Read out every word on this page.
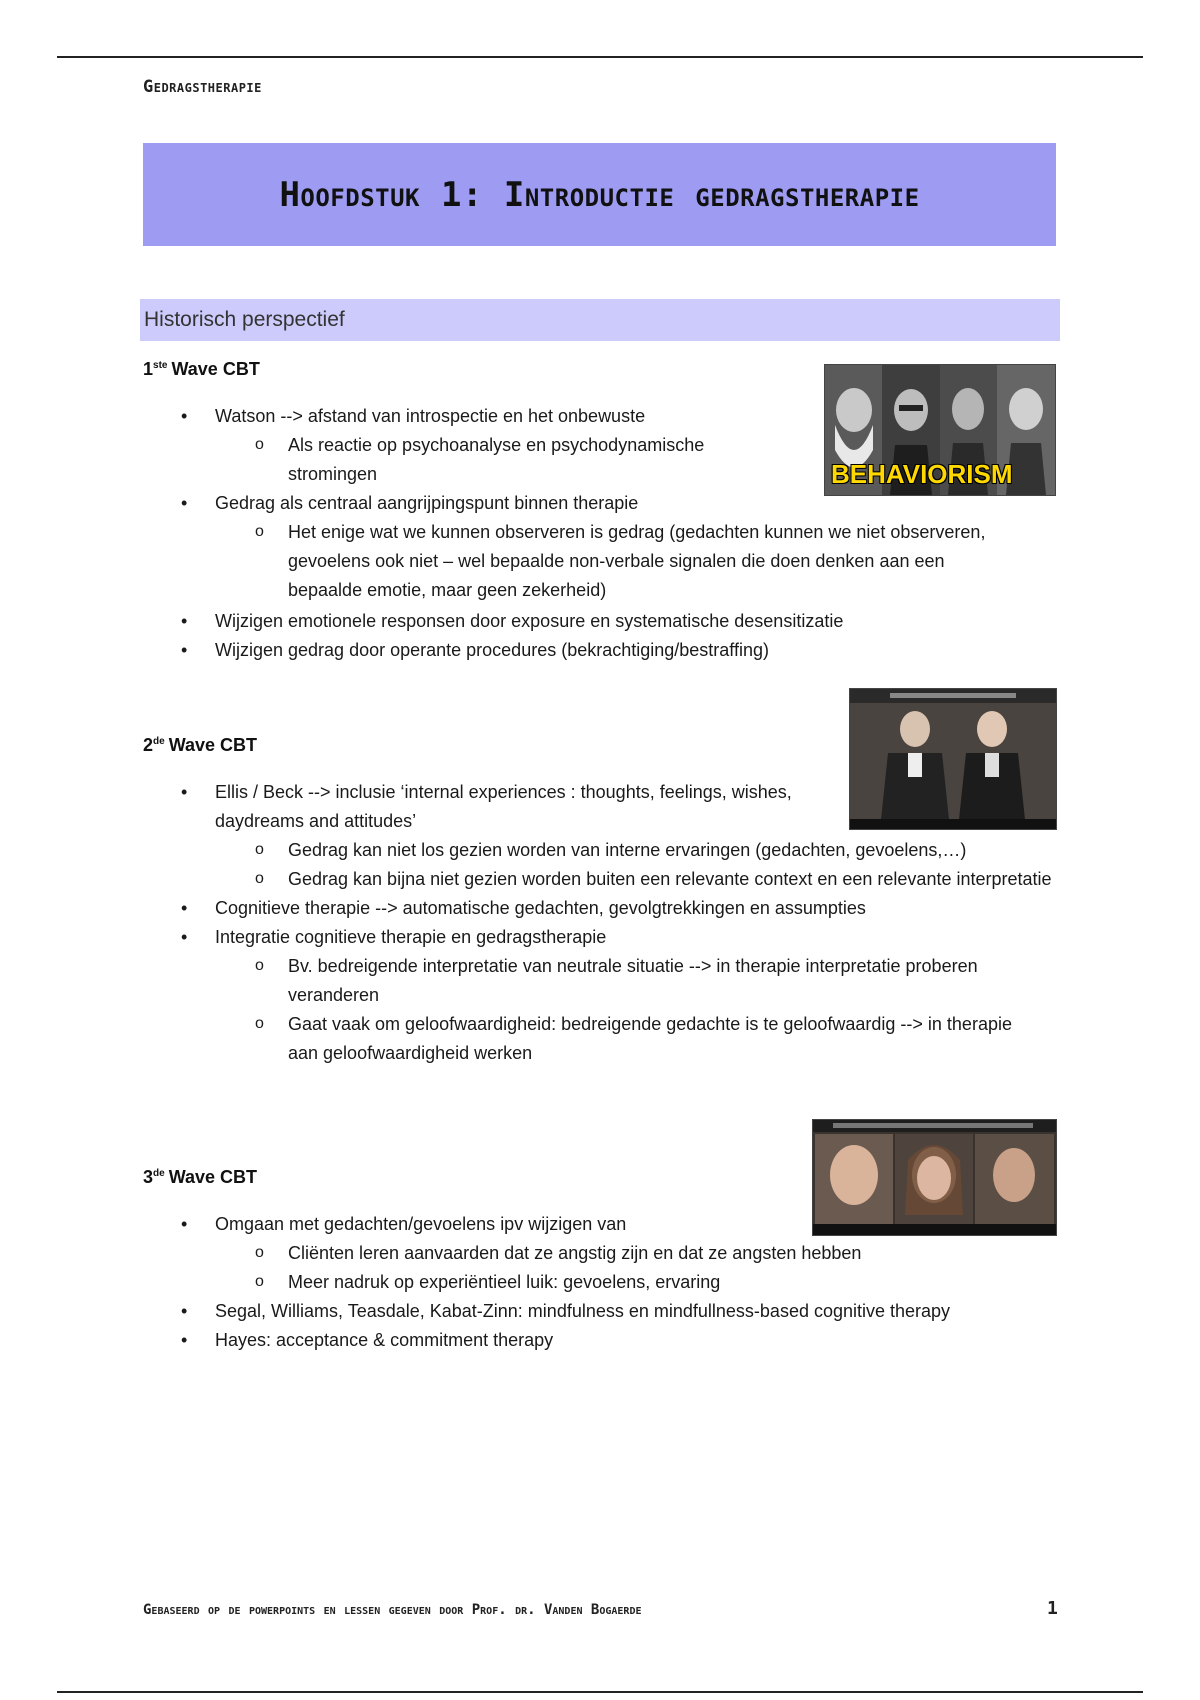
Gedragstherapie
Hoofdstuk 1: Introductie gedragstherapie
Historisch perspectief
1ste Wave CBT
BEHAVIORISM
• Watson --> afstand van introspectie en het onbewuste
o Als reactie op psychoanalyse en psychodynamische stromingen
• Gedrag als centraal aangrijpingspunt binnen therapie
o Het enige wat we kunnen observeren is gedrag (gedachten kunnen we niet observeren, gevoelens ook niet – wel bepaalde non-verbale signalen die doen denken aan een bepaalde emotie, maar geen zekerheid)
• Wijzigen emotionele responsen door exposure en systematische desensitizatie
• Wijzigen gedrag door operante procedures (bekrachtiging/bestraffing)
2de Wave CBT
• Ellis / Beck --> inclusie ‘internal experiences : thoughts, feelings, wishes, daydreams and attitudes’
o Gedrag kan niet los gezien worden van interne ervaringen (gedachten, gevoelens,…)
o Gedrag kan bijna niet gezien worden buiten een relevante context en een relevante interpretatie
• Cognitieve therapie --> automatische gedachten, gevolgtrekkingen en assumpties
• Integratie cognitieve therapie en gedragstherapie
o Bv. bedreigende interpretatie van neutrale situatie --> in therapie interpretatie proberen veranderen
o Gaat vaak om geloofwaardigheid: bedreigende gedachte is te geloofwaardig --> in therapie aan geloofwaardigheid werken
3de Wave CBT
• Omgaan met gedachten/gevoelens ipv wijzigen van
o Cliënten leren aanvaarden dat ze angstig zijn en dat ze angsten hebben
o Meer nadruk op experiëntieel luik: gevoelens, ervaring
• Segal, Williams, Teasdale, Kabat-Zinn: mindfulness en mindfullness-based cognitive therapy
• Hayes: acceptance & commitment therapy
Gebaseerd op de powerpoints en lessen gegeven door Prof. dr. Vanden Bogaerde	1
